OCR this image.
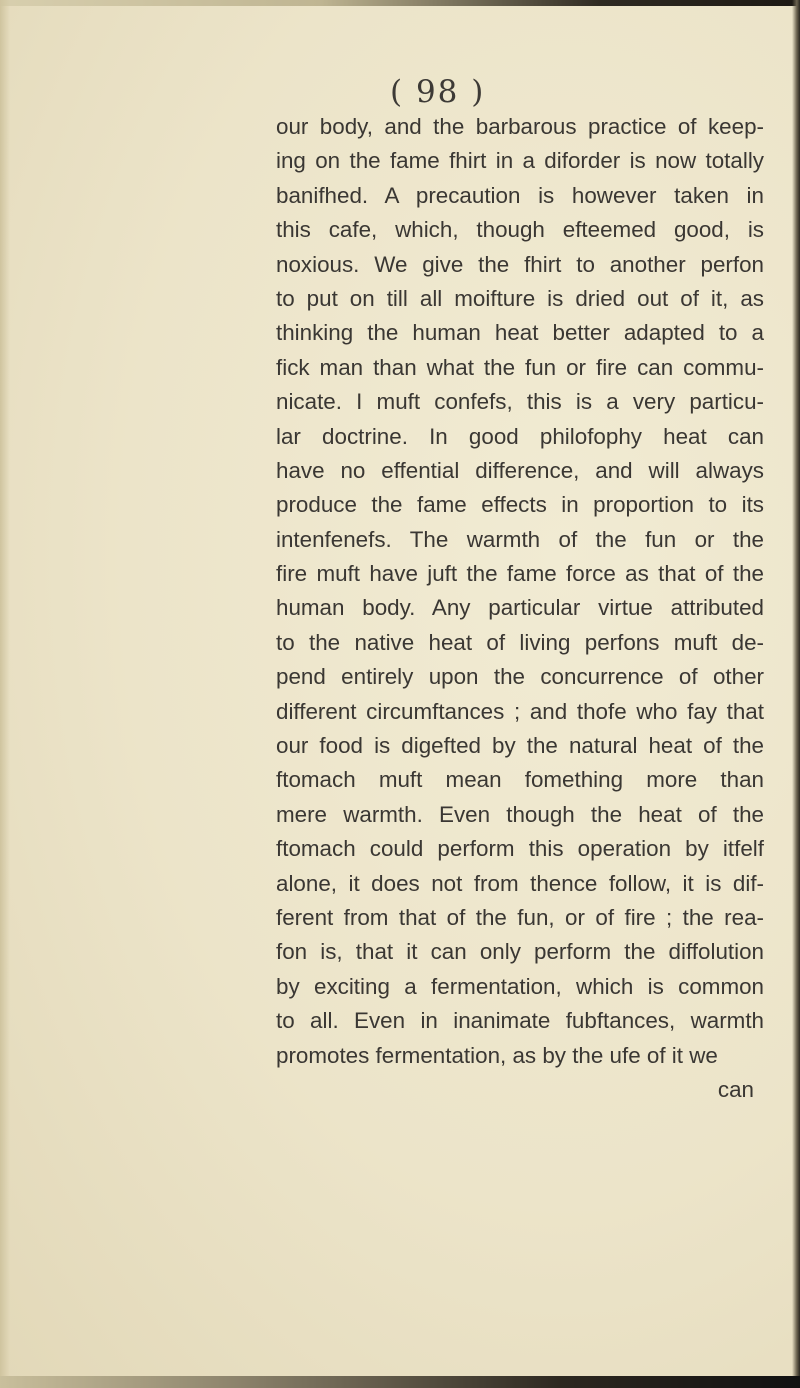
( 98 )
our body, and the barbarous practice of keep-
ing on the fame fhirt in a diforder is now totally
banifhed. A precaution is however taken in
this cafe, which, though efteemed good, is
noxious. We give the fhirt to another perfon
to put on till all moifture is dried out of it, as
thinking the human heat better adapted to a
fick man than what the fun or fire can commu-
nicate. I muft confefs, this is a very particu-
lar doctrine. In good philofophy heat can
have no effential difference, and will always
produce the fame effects in proportion to its
intenfenefs. The warmth of the fun or the
fire muft have juft the fame force as that of the
human body. Any particular virtue attributed
to the native heat of living perfons muft de-
pend entirely upon the concurrence of other
different circumftances ; and thofe who fay that
our food is digefted by the natural heat of the
ftomach muft mean fomething more than
mere warmth. Even though the heat of the
ftomach could perform this operation by itfelf
alone, it does not from thence follow, it is dif-
ferent from that of the fun, or of fire ; the rea-
fon is, that it can only perform the diffolution
by exciting a fermentation, which is common
to all. Even in inanimate fubftances, warmth
promotes fermentation, as by the ufe of it we
can
